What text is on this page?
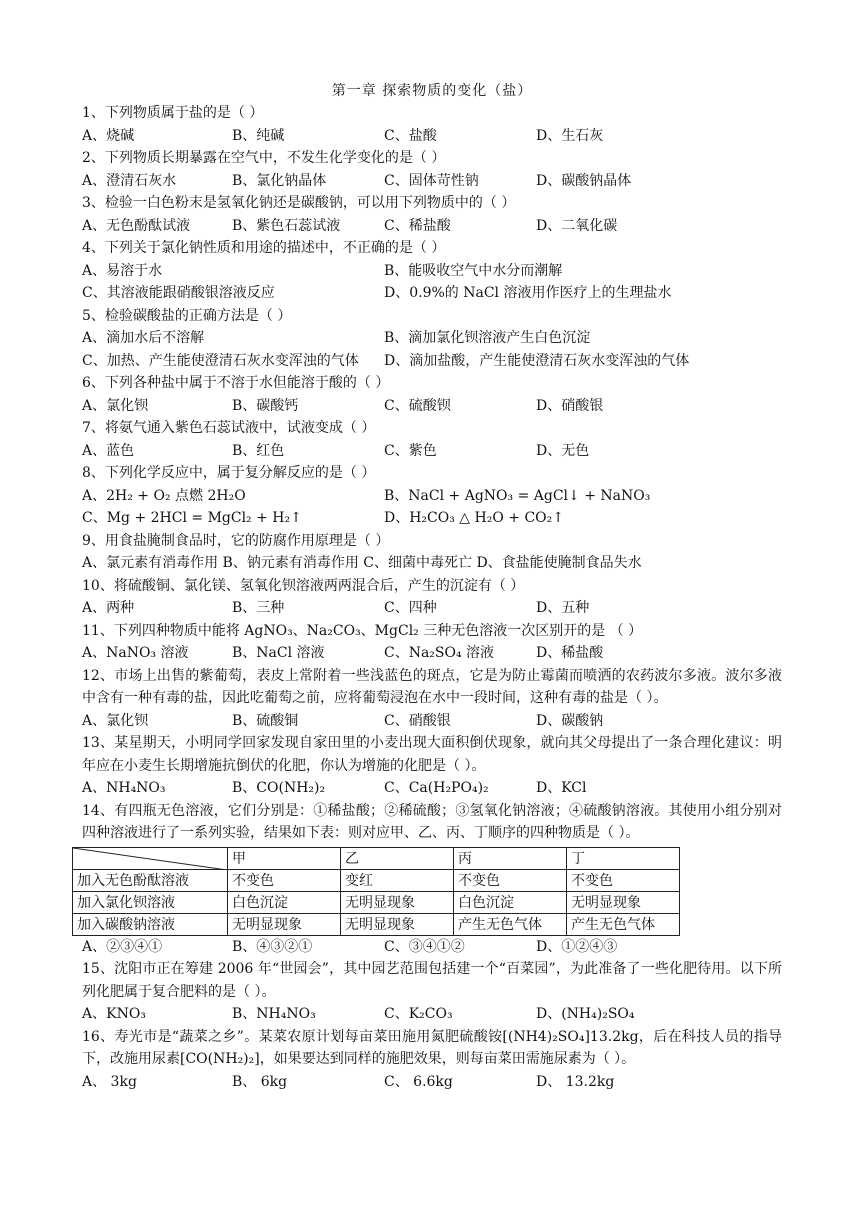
第一章 探索物质的变化（盐）
1、下列物质属于盐的是（ ）
A、烧碱	B、纯碱	C、盐酸	D、生石灰
2、下列物质长期暴露在空气中，不发生化学变化的是（ ）
A、澄清石灰水	B、氯化钠晶体	C、固体苛性钠	D、碳酸钠晶体
3、检验一白色粉末是氢氧化钠还是碳酸钠，可以用下列物质中的（ ）
A、无色酚酞试液	B、紫色石蕊试液	C、稀盐酸	D、二氧化碳
4、下列关于氯化钠性质和用途的描述中，不正确的是（ ）
A、易溶于水	B、能吸收空气中水分而潮解
C、其溶液能跟硝酸银溶液反应	D、0.9%的 NaCl 溶液用作医疗上的生理盐水
5、检验碳酸盐的正确方法是（ ）
A、滴加水后不溶解	B、滴加氯化钡溶液产生白色沉淀
C、加热、产生能使澄清石灰水变浑浊的气体 D、滴加盐酸，产生能使澄清石灰水变浑浊的气体
6、下列各种盐中属于不溶于水但能溶于酸的（ ）
A、氯化钡	B、碳酸钙	C、硫酸钡	D、硝酸银
7、将氨气通入紫色石蕊试液中，试液变成（ ）
A、蓝色	B、红色	C、紫色	D、无色
8、下列化学反应中，属于复分解反应的是（ ）
A、2H₂ + O₂ 点燃 2H₂O	B、NaCl + AgNO₃ = AgCl↓ + NaNO₃
C、Mg + 2HCl = MgCl₂ + H₂↑	D、H₂CO₃ △ H₂O + CO₂↑
9、用食盐腌制食品时，它的防腐作用原理是（ ）
A、氯元素有消毒作用 B、钠元素有消毒作用 C、细菌中毒死亡 D、食盐能使腌制食品失水
10、将硫酸铜、氯化镁、氢氧化钡溶液两两混合后，产生的沉淀有（ ）
A、两种	B、三种	C、四种	D、五种
11、下列四种物质中能将 AgNO₃、Na₂CO₃、MgCl₂ 三种无色溶液一次区别开的是 （ ）
A、NaNO₃ 溶液	B、NaCl 溶液	C、Na₂SO₄ 溶液	D、稀盐酸
12、市场上出售的紫葡萄，表皮上常附着一些浅蓝色的斑点，它是为防止霉菌而喷洒的农药波尔多液。波尔多液中含有一种有毒的盐，因此吃葡萄之前，应将葡萄浸泡在水中一段时间，这种有毒的盐是（ ）。
A、氯化钡	B、硫酸铜	C、硝酸银	D、碳酸钠
13、某星期天，小明同学回家发现自家田里的小麦出现大面积倒伏现象，就向其父母提出了一条合理化建议：明年应在小麦生长期增施抗倒伏的化肥，你认为增施的化肥是（ ）。
A、NH₄NO₃	B、CO(NH₂)₂	C、Ca(H₂PO₄)₂	D、KCl
14、有四瓶无色溶液，它们分别是：①稀盐酸；②稀硫酸；③氢氧化钠溶液；④硫酸钠溶液。其使用小组分别对四种溶液进行了一系列实验，结果如下表：则对应甲、乙、丙、丁顺序的四种物质是（ ）。
	甲	乙	丙	丁
加入无色酚酞溶液	不变色	变红	不变色	不变色
加入氯化钡溶液	白色沉淀	无明显现象	白色沉淀	无明显现象
加入碳酸钠溶液	无明显现象	无明显现象	产生无色气体	产生无色气体
A、②③④①	B、④③②①	C、③④①②	D、①②④③
15、沈阳市正在筹建 2006 年“世园会”，其中园艺范围包括建一个“百菜园”，为此准备了一些化肥待用。以下所列化肥属于复合肥料的是（ ）。
A、KNO₃	B、NH₄NO₃	C、K₂CO₃	D、(NH₄)₂SO₄
16、寿光市是“蔬菜之乡”。某菜农原计划每亩菜田施用氮肥硫酸铵[(NH4)₂SO₄]13.2kg，后在科技人员的指导下，改施用尿素[CO(NH₂)₂]，如果要达到同样的施肥效果，则每亩菜田需施尿素为（ ）。
A、 3kg	B、 6kg	C、 6.6kg	D、 13.2kg
